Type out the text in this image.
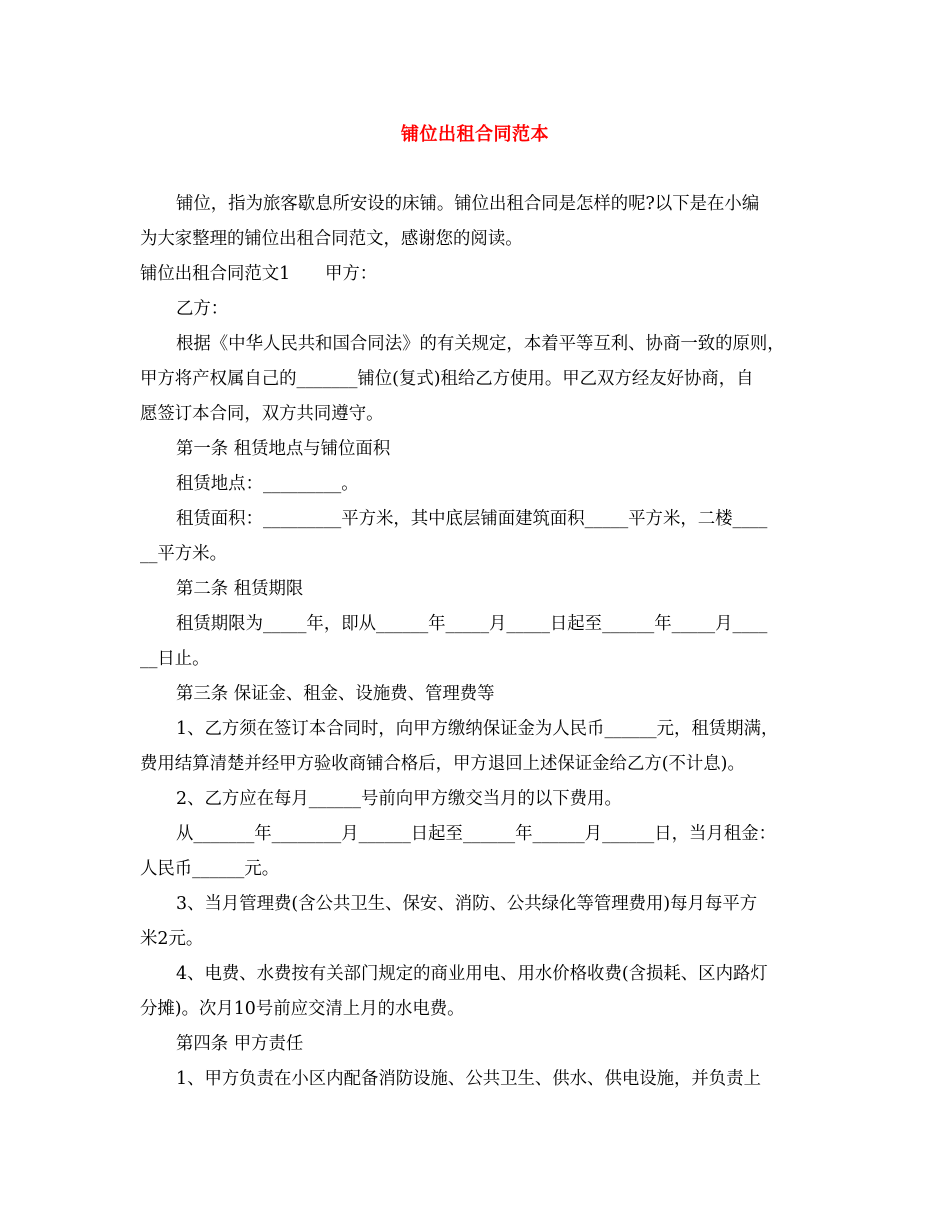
铺位出租合同范本
铺位，指为旅客歇息所安设的床铺。铺位出租合同是怎样的呢?以下是在小编
为大家整理的铺位出租合同范文，感谢您的阅读。
铺位出租合同范文1　　甲方：
乙方：
根据《中华人民共和国合同法》的有关规定，本着平等互利、协商一致的原则，
甲方将产权属自己的_______铺位(复式)租给乙方使用。甲乙双方经友好协商，自
愿签订本合同，双方共同遵守。
第一条 租赁地点与铺位面积
租赁地点：_________。
租赁面积：_________平方米，其中底层铺面建筑面积_____平方米，二楼____
__平方米。
第二条 租赁期限
租赁期限为_____年，即从______年_____月_____日起至______年_____月____
__日止。
第三条 保证金、租金、设施费、管理费等
1、乙方须在签订本合同时，向甲方缴纳保证金为人民币______元，租赁期满，
费用结算清楚并经甲方验收商铺合格后，甲方退回上述保证金给乙方(不计息)。
2、乙方应在每月______号前向甲方缴交当月的以下费用。
从_______年________月______日起至______年______月______日，当月租金：
人民币______元。
3、当月管理费(含公共卫生、保安、消防、公共绿化等管理费用)每月每平方
米2元。
4、电费、水费按有关部门规定的商业用电、用水价格收费(含损耗、区内路灯
分摊)。次月10号前应交清上月的水电费。
第四条 甲方责任
1、甲方负责在小区内配备消防设施、公共卫生、供水、供电设施，并负责上
